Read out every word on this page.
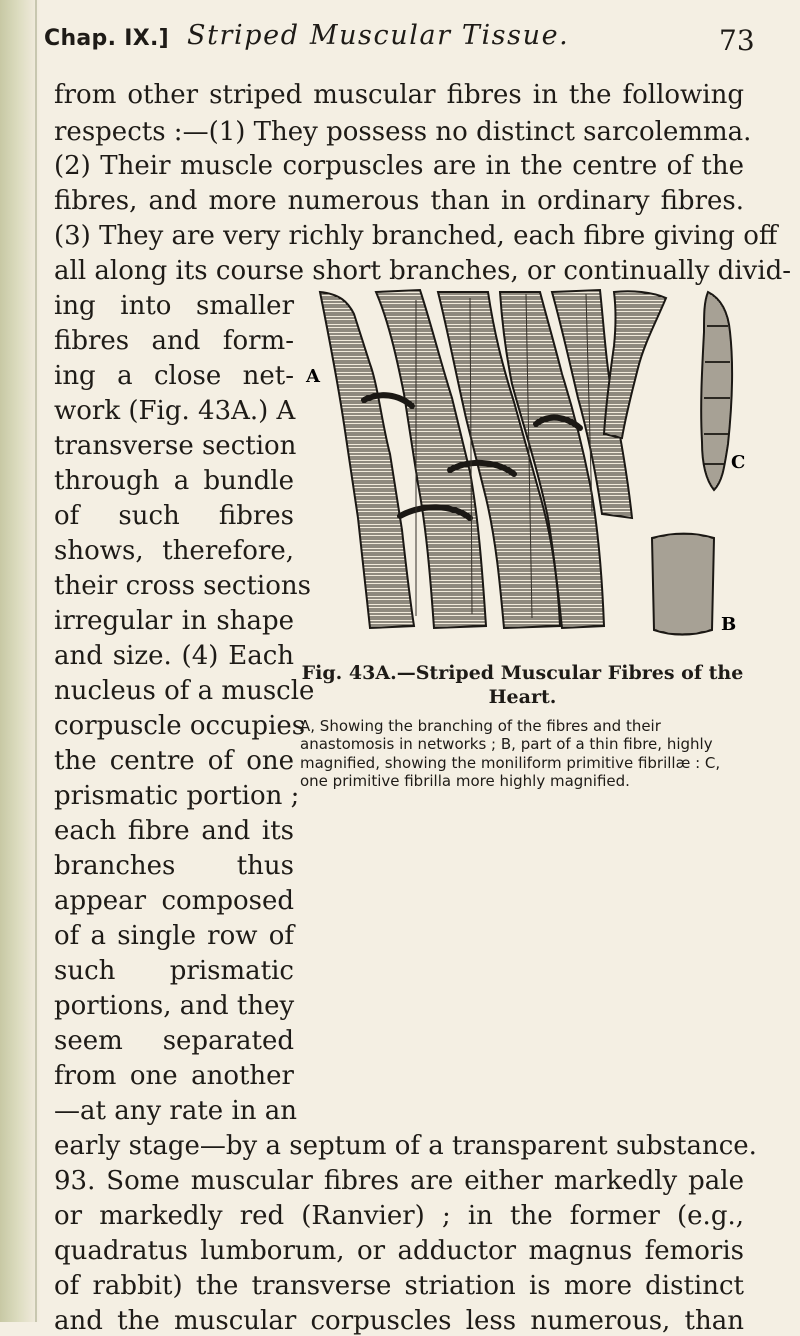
Chap. IX.] Striped Muscular Tissue.	73
from other striped muscular fibres in the following
respects :—(1) They possess no distinct sarcolemma.
(2) Their muscle corpuscles are in the centre of the
fibres, and more numerous than in ordinary fibres.
(3) They are very richly branched, each fibre giving off
all along its course short branches, or continually divid-
ing into smaller
fibres and form-
ing a close net-
work (Fig. 43A.) A
transverse section
through a bundle
of such fibres
shows, therefore,
their cross sections
irregular in shape
and size. (4) Each
nucleus of a muscle
corpuscle occupies
the centre of one
prismatic portion ;
each fibre and its
branches thus
appear composed
of a single row of
such prismatic
portions, and they
seem separated
from one another
—at any rate in an
early stage—by a septum of a transparent substance.
93. Some muscular fibres are either markedly pale
or markedly red (Ranvier) ; in the former (e.g.,
quadratus lumborum, or adductor magnus femoris
of rabbit) the transverse striation is more distinct
and the muscular corpuscles less numerous, than
A
B
C
Fig. 43A.—Striped Muscular Fibres of the Heart.
A, Showing the branching of the fibres and their anastomosis in networks ; B, part of a thin fibre, highly magnified, showing the moniliform primitive fibrillæ : C, one primitive fibrilla more highly magnified.
